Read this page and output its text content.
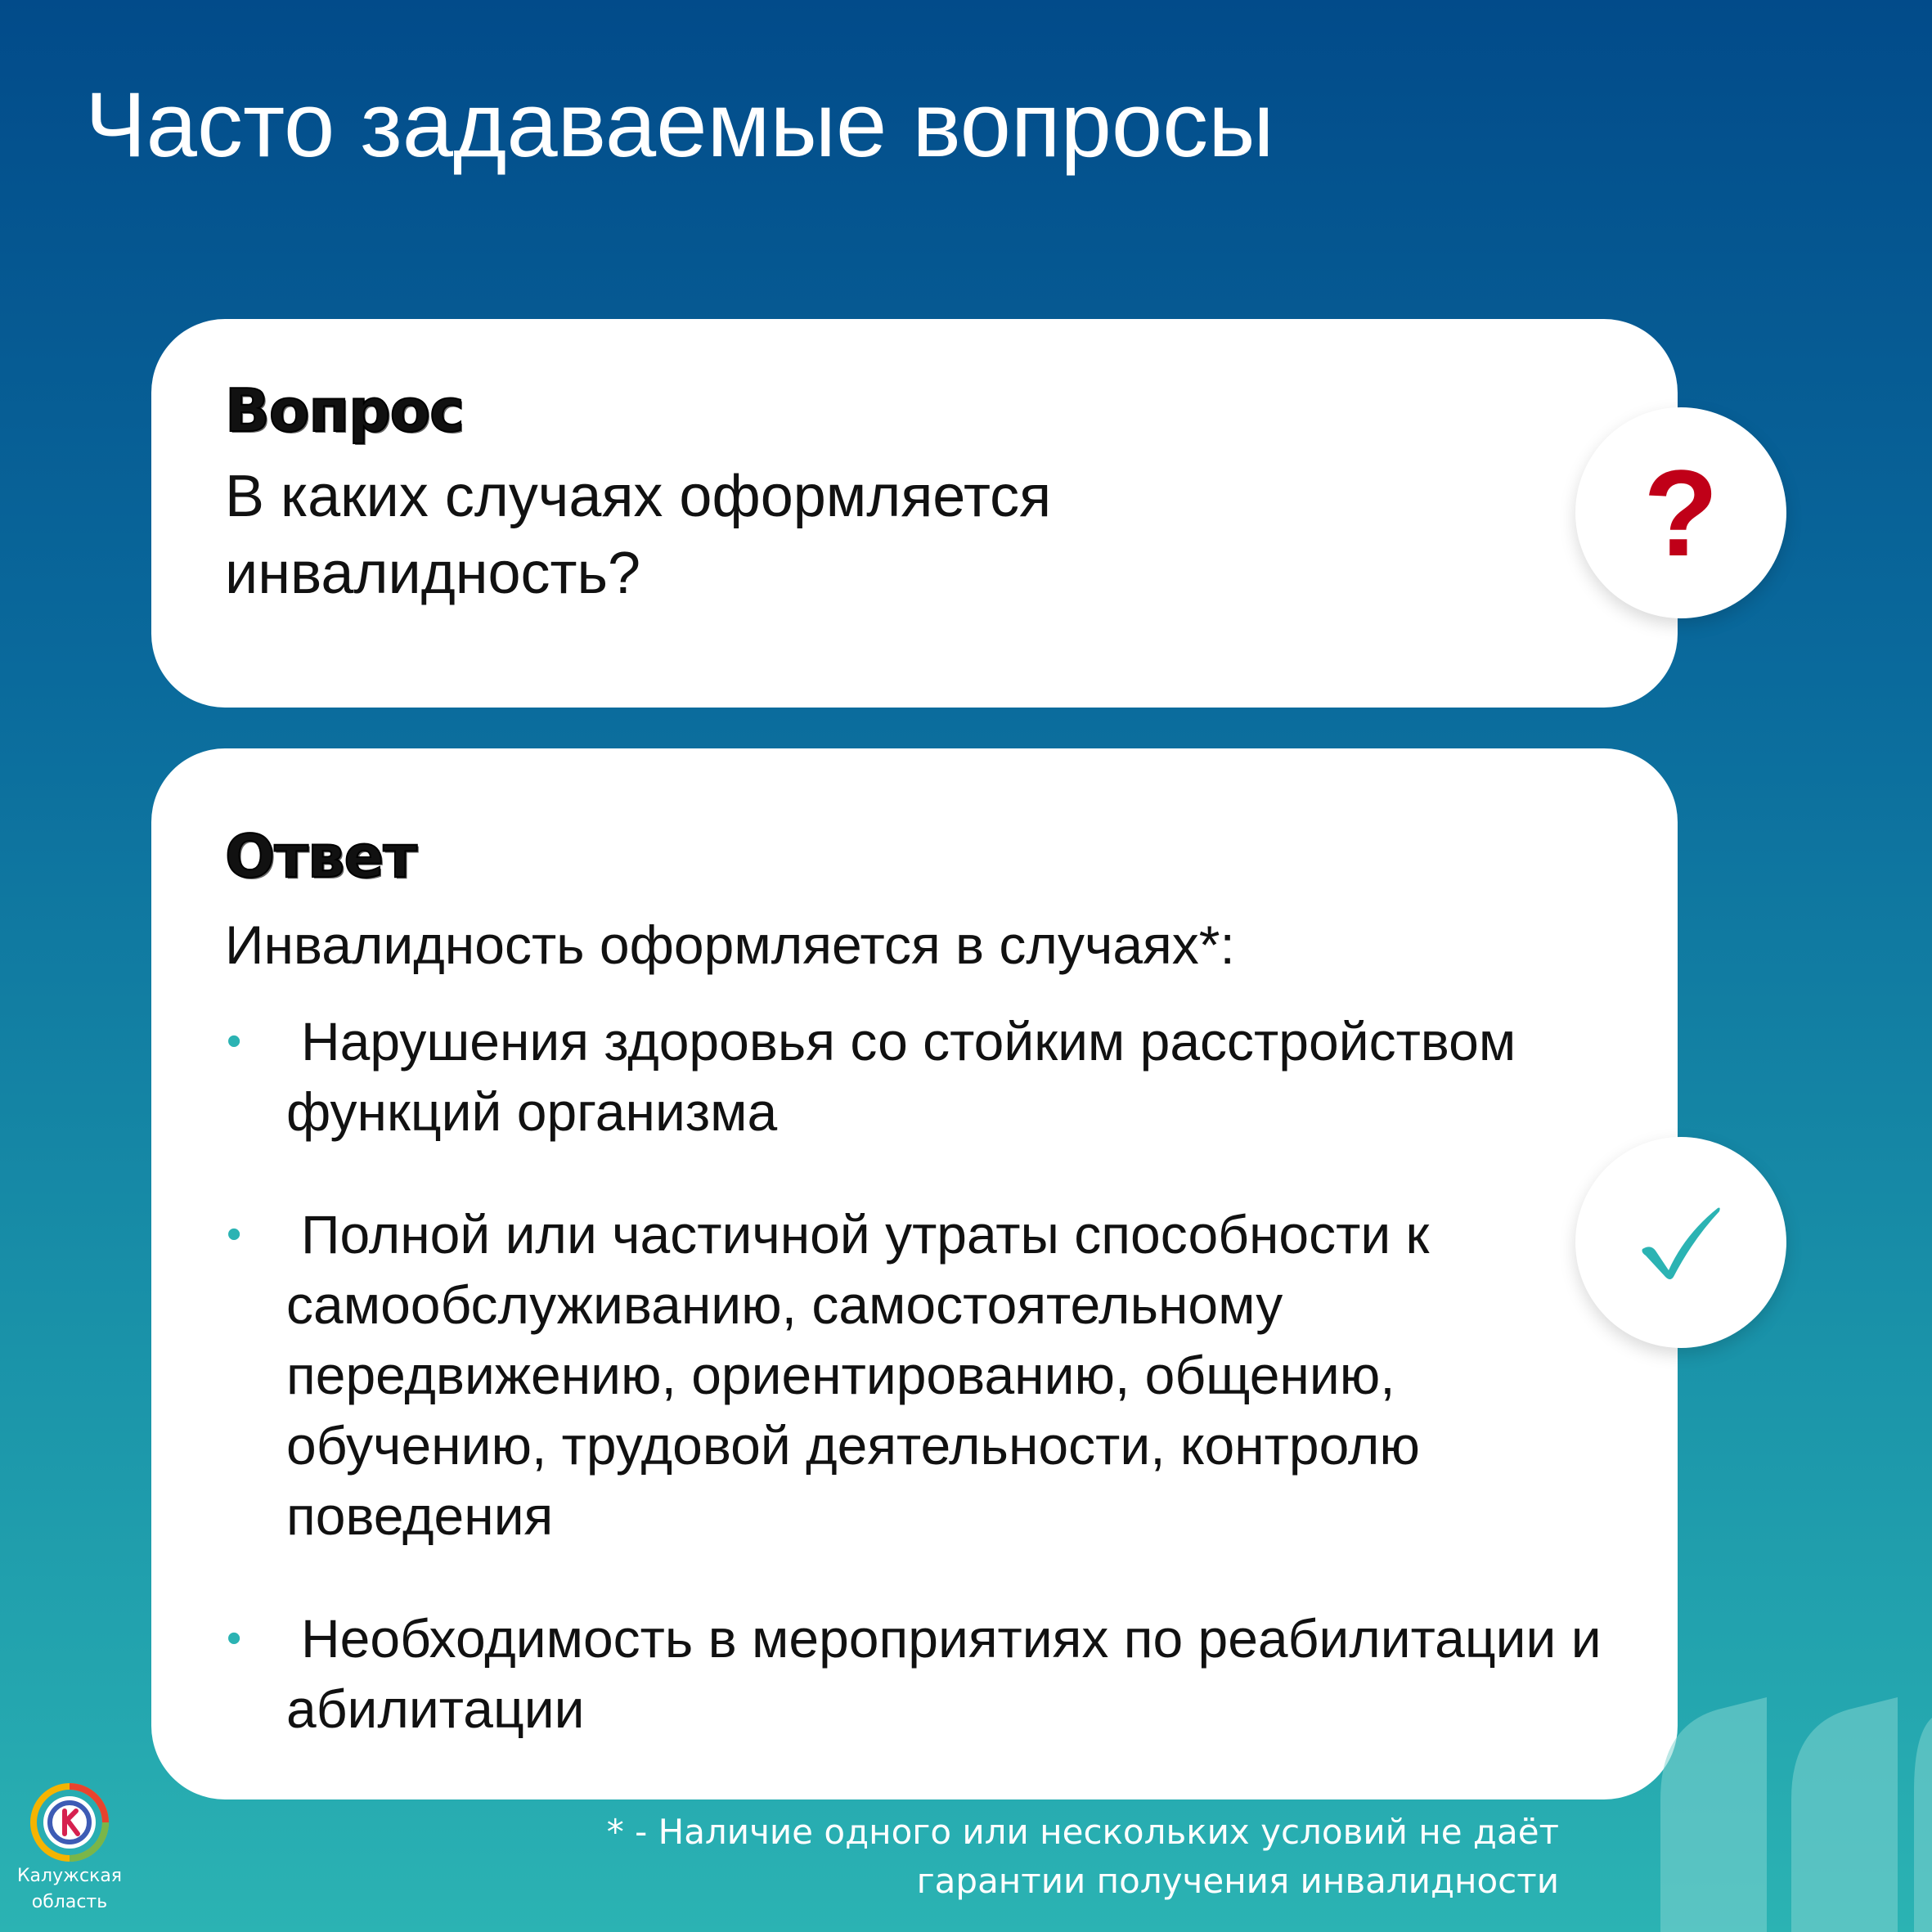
Часто задаваемые вопросы
Вопрос

В каких случаях оформляется инвалидность?	?
Ответ

Инвалидность оформляется в случаях*:

• Нарушения здоровья со стойким расстройством функций организма
• Полной или частичной утраты способности к самообслуживанию, самостоятельному передвижению, ориентированию, общению, обучению, трудовой деятельности, контролю поведения
• Необходимость в мероприятиях по реабилитации и абилитации

* - Наличие одного или нескольких условий не даёт
гарантии получения инвалидности

Калужская
область
